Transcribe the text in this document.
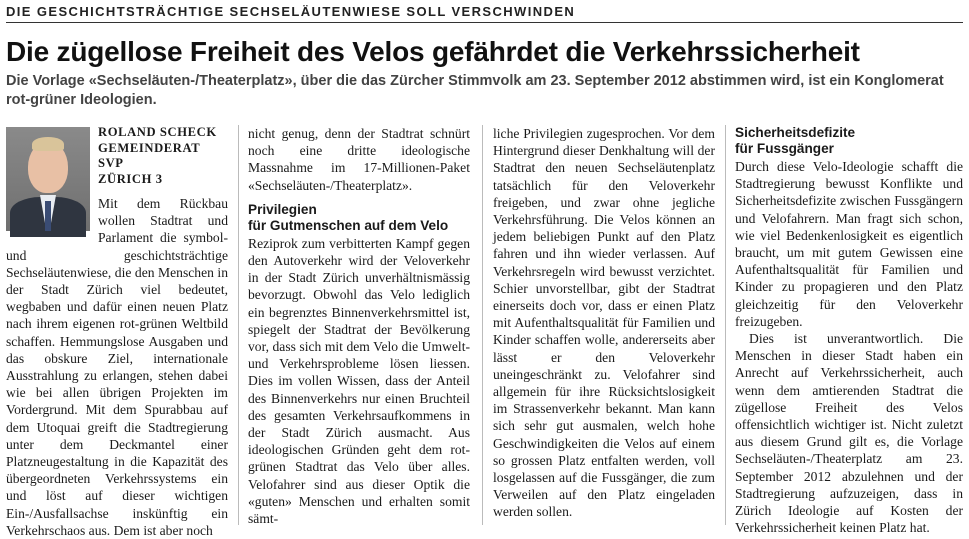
DIE GESCHICHTSTRÄCHTIGE SECHSELÄUTENWIESE SOLL VERSCHWINDEN
Die zügellose Freiheit des Velos gefährdet die Verkehrssicherheit
Die Vorlage «Sechseläuten-/Theaterplatz», über die das Zürcher Stimmvolk am 23. September 2012 abstimmen wird, ist ein Konglomerat rot-grüner Ideologien.
ROLAND SCHECK
GEMEINDERAT SVP
ZÜRICH 3

Mit dem Rückbau wollen Stadtrat und Parlament die symbol- und geschichtsträchtige Sechseläutenwiese, die den Menschen in der Stadt Zürich viel bedeutet, wegbaben und dafür einen neuen Platz nach ihrem eigenen rot-grünen Weltbild schaffen. Hemmungslose Ausgaben und das obskure Ziel, internationale Ausstrahlung zu erlangen, stehen dabei wie bei allen übrigen Projekten im Vordergrund. Mit dem Spurabbau auf dem Utoquai greift die Stadtregierung unter dem Deckmantel einer Platzneugestaltung in die Kapazität des übergeordneten Verkehrssystems ein und löst auf dieser wichtigen Ein-/Ausfallsachse inskünftig ein Verkehrschaos aus. Dem ist aber noch

nicht genug, denn der Stadtrat schnürt noch eine dritte ideologische Massnahme im 17-Millionen-Paket «Sechseläuten-/Theaterplatz».

Privilegien
für Gutmenschen auf dem Velo

Reziprok zum verbitterten Kampf gegen den Autoverkehr wird der Veloverkehr in der Stadt Zürich unverhältnismässig bevorzugt. Obwohl das Velo lediglich ein begrenztes Binnenverkehrsmittel ist, spiegelt der Stadtrat der Bevölkerung vor, dass sich mit dem Velo die Umwelt- und Verkehrsprobleme lösen liessen. Dies im vollen Wissen, dass der Anteil des Binnenverkehrs nur einen Bruchteil des gesamten Verkehrsaufkommens in der Stadt Zürich ausmacht. Aus ideologischen Gründen geht dem rot-grünen Stadtrat das Velo über alles. Velofahrer sind aus dieser Optik die «guten» Menschen und erhalten somit sämt-

liche Privilegien zugesprochen. Vor dem Hintergrund dieser Denkhaltung will der Stadtrat den neuen Sechseläutenplatz tatsächlich für den Veloverkehr freigeben, und zwar ohne jegliche Verkehrsführung. Die Velos können an jedem beliebigen Punkt auf den Platz fahren und ihn wieder verlassen. Auf Verkehrsregeln wird bewusst verzichtet. Schier unvorstellbar, gibt der Stadtrat einerseits doch vor, dass er einen Platz mit Aufenthaltsqualität für Familien und Kinder schaffen wolle, andererseits aber lässt er den Veloverkehr uneingeschränkt zu. Velofahrer sind allgemein für ihre Rücksichtslosigkeit im Strassenverkehr bekannt. Man kann sich sehr gut ausmalen, welch hohe Geschwindigkeiten die Velos auf einem so grossen Platz entfalten werden, voll losgelassen auf die Fussgänger, die zum Verweilen auf den Platz eingeladen werden sollen.

Sicherheitsdefizite
für Fussgänger

Durch diese Velo-Ideologie schafft die Stadtregierung bewusst Konflikte und Sicherheitsdefizite zwischen Fussgängern und Velofahrern. Man fragt sich schon, wie viel Bedenkenlosigkeit es eigentlich braucht, um mit gutem Gewissen eine Aufenthaltsqualität für Familien und Kinder zu propagieren und den Platz gleichzeitig für den Veloverkehr freizugeben.

Dies ist unverantwortlich. Die Menschen in dieser Stadt haben ein Anrecht auf Verkehrssicherheit, auch wenn dem amtierenden Stadtrat die zügellose Freiheit des Velos offensichtlich wichtiger ist. Nicht zuletzt aus diesem Grund gilt es, die Vorlage Sechseläuten-/Theaterplatz am 23. September 2012 abzulehnen und der Stadtregierung aufzuzeigen, dass in Zürich Ideologie auf Kosten der Verkehrssicherheit keinen Platz hat.
